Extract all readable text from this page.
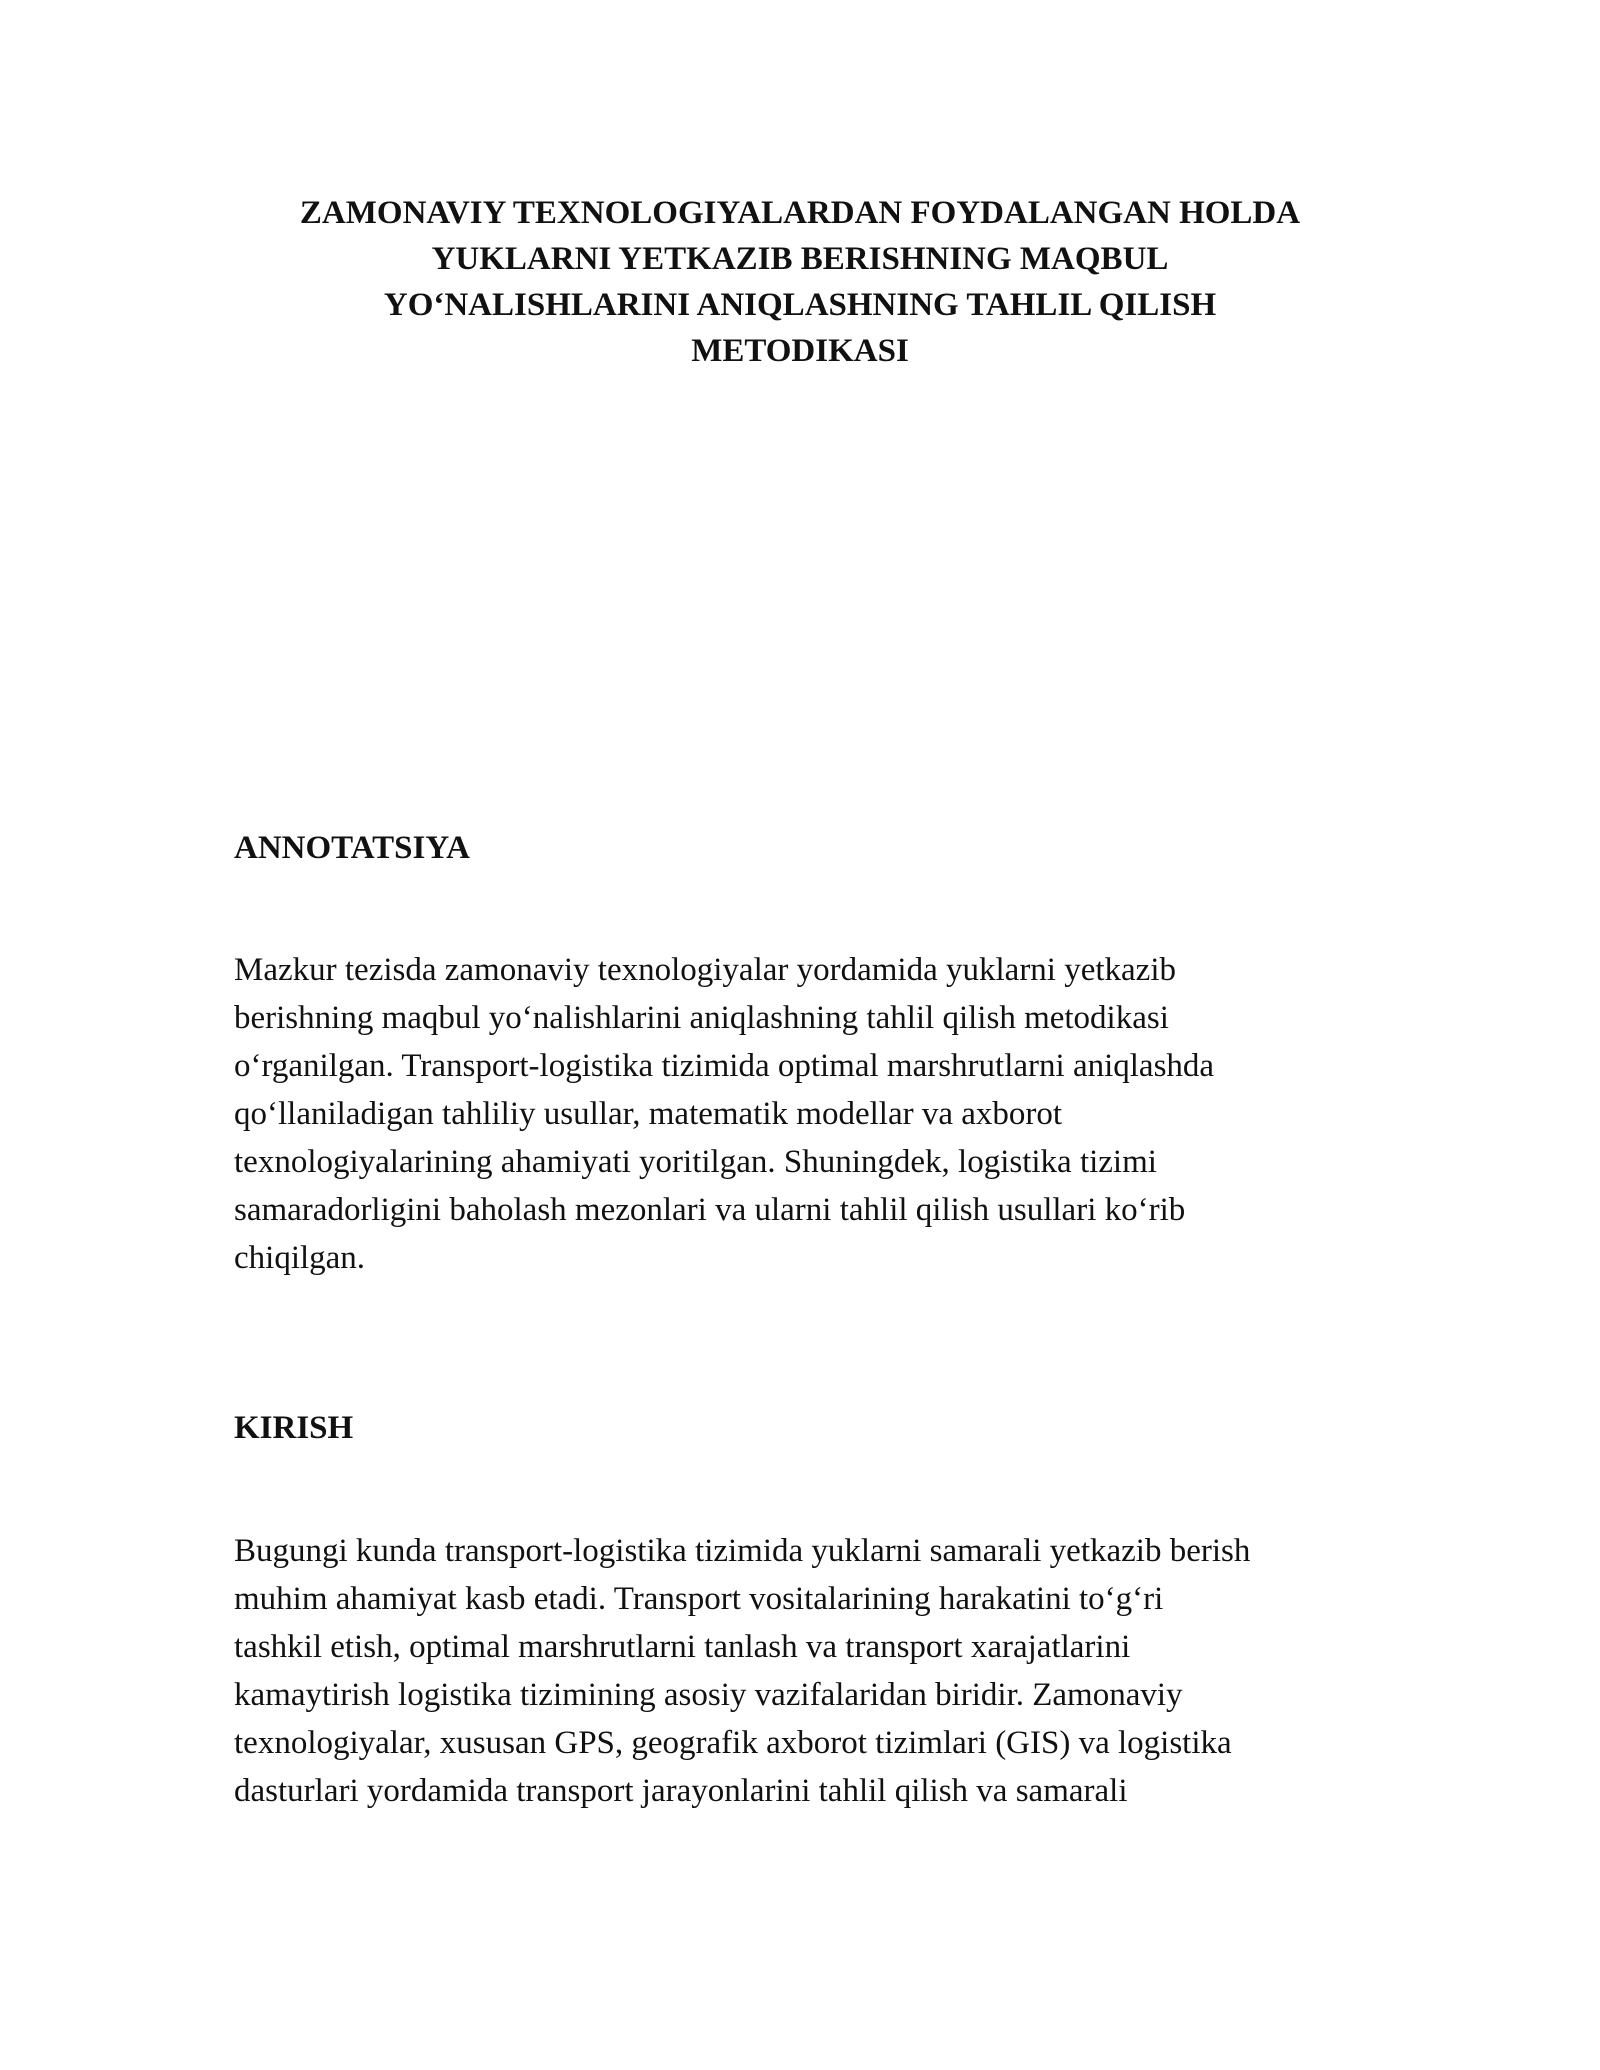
ZAMONAVIY TEXNOLOGIYALARDAN FOYDALANGAN HOLDA
YUKLARNI YETKAZIB BERISHNING MAQBUL
YO‘NALISHLARINI ANIQLASHNING TAHLIL QILISH
METODIKASI
ANNOTATSIYA

Mazkur tezisda zamonaviy texnologiyalar yordamida yuklarni yetkazib
berishning maqbul yo‘nalishlarini aniqlashning tahlil qilish metodikasi
o‘rganilgan. Transport-logistika tizimida optimal marshrutlarni aniqlashda
qo‘llaniladigan tahliliy usullar, matematik modellar va axborot
texnologiyalarining ahamiyati yoritilgan. Shuningdek, logistika tizimi
samaradorligini baholash mezonlari va ularni tahlil qilish usullari ko‘rib
chiqilgan.

KIRISH

Bugungi kunda transport-logistika tizimida yuklarni samarali yetkazib berish
muhim ahamiyat kasb etadi. Transport vositalarining harakatini to‘g‘ri
tashkil etish, optimal marshrutlarni tanlash va transport xarajatlarini
kamaytirish logistika tizimining asosiy vazifalaridan biridir. Zamonaviy
texnologiyalar, xususan GPS, geografik axborot tizimlari (GIS) va logistika
dasturlari yordamida transport jarayonlarini tahlil qilish va samarali
